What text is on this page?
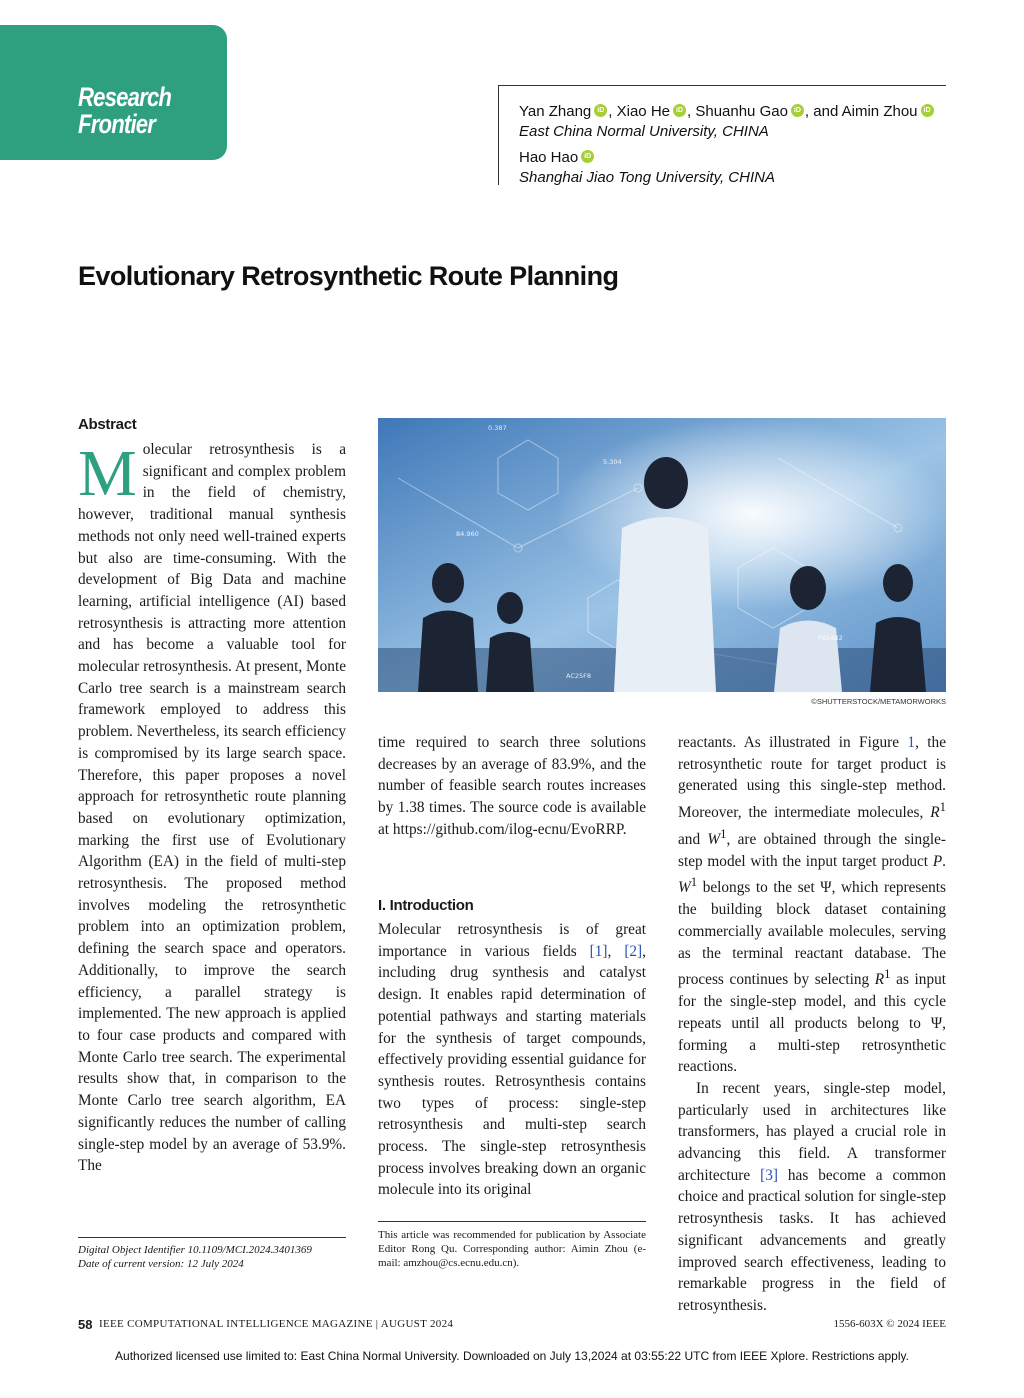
Research
Frontier	Yan Zhang iD , Xiao He iD , Shuanhu Gao iD , and Aimin Zhou iD
East China Normal University, CHINA
Hao Hao iD
Shanghai Jiao Tong University, CHINA
Evolutionary Retrosynthetic Route Planning
Abstract
Molecular retrosynthesis is a significant and complex problem in the field of chemistry, however, traditional manual synthesis methods not only need well-trained experts but also are time-consuming. With the development of Big Data and machine learning, artificial intelligence (AI) based retrosynthesis is attracting more attention and has become a valuable tool for molecular retrosynthesis. At present, Monte Carlo tree search is a mainstream search framework employed to address this problem. Nevertheless, its search efficiency is compromised by its large search space. Therefore, this paper proposes a novel approach for retrosynthetic route planning based on evolutionary optimization, marking the first use of Evolutionary Algorithm (EA) in the field of multi-step retrosynthesis. The proposed method involves modeling the retrosynthetic problem into an optimization problem, defining the search space and operators. Additionally, to improve the search efficiency, a parallel strategy is implemented. The new approach is applied to four case products and compared with Monte Carlo tree search. The experimental results show that, in comparison to the Monte Carlo tree search algorithm, EA significantly reduces the number of calling single-step model by an average of 53.9%. The
5.304
84.960
F654B2
AC25F8
0.387
©SHUTTERSTOCK/METAMORWORKS
time required to search three solutions decreases by an average of 83.9%, and the number of feasible search routes increases by 1.38 times. The source code is available at https://github.com/ilog-ecnu/EvoRRP.
I. Introduction
Molecular retrosynthesis is of great importance in various fields [1], [2], including drug synthesis and catalyst design. It enables rapid determination of potential pathways and starting materials for the synthesis of target compounds, effectively providing essential guidance for synthesis routes. Retrosynthesis contains two types of process: single-step retrosynthesis and multi-step search process. The single-step retrosynthesis process involves breaking down an organic molecule into its original
reactants. As illustrated in Figure 1, the retrosynthetic route for target product is generated using this single-step method. Moreover, the intermediate molecules, $R^1$ and $W^1$, are obtained through the single-step model with the input target product P. $W^1$ belongs to the set Ψ, which represents the building block dataset containing commercially available molecules, serving as the terminal reactant database. The process continues by selecting $R^1$ as input for the single-step model, and this cycle repeats until all products belong to Ψ, forming a multi-step retrosynthetic reactions.
In recent years, single-step model, particularly used in architectures like transformers, has played a crucial role in advancing this field. A transformer architecture [3] has become a common choice and practical solution for single-step retrosynthesis tasks. It has achieved significant advancements and greatly improved search effectiveness, leading to remarkable progress in the field of retrosynthesis.
Digital Object Identifier 10.1109/MCI.2024.3401369
Date of current version: 12 July 2024
This article was recommended for publication by Associate Editor Rong Qu. Corresponding author: Aimin Zhou (e-mail: amzhou@cs.ecnu.edu.cn).
58 IEEE COMPUTATIONAL INTELLIGENCE MAGAZINE | AUGUST 2024	1556-603X © 2024 IEEE
Authorized licensed use limited to: East China Normal University. Downloaded on July 13,2024 at 03:55:22 UTC from IEEE Xplore. Restrictions apply.
